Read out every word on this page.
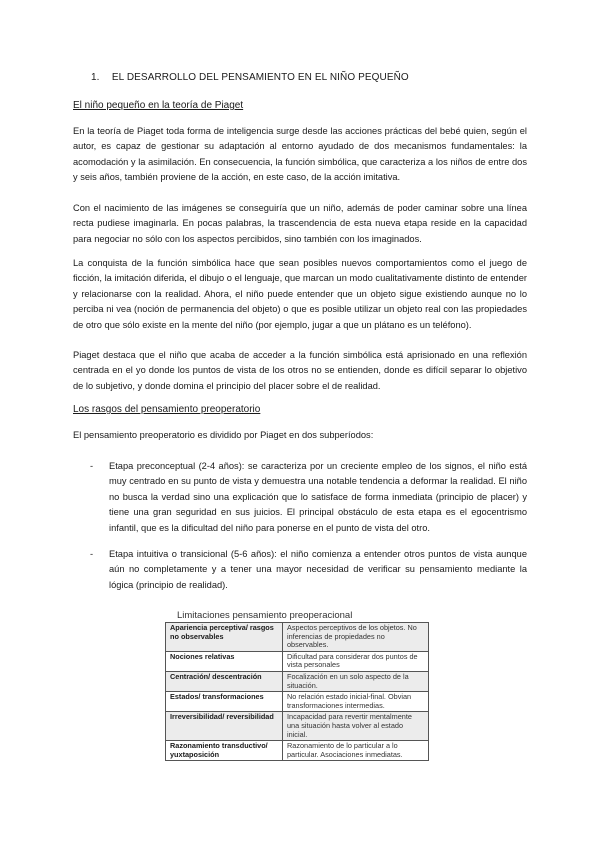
1. EL DESARROLLO DEL PENSAMIENTO EN EL NIÑO PEQUEÑO
El niño pequeño en la teoría de Piaget

En la teoría de Piaget toda forma de inteligencia surge desde las acciones prácticas del bebé quien, según el autor, es capaz de gestionar su adaptación al entorno ayudado de dos mecanismos fundamentales: la acomodación y la asimilación. En consecuencia, la función simbólica, que caracteriza a los niños de entre dos y seis años, también proviene de la acción, en este caso, de la acción imitativa.

Con el nacimiento de las imágenes se conseguiría que un niño, además de poder caminar sobre una línea recta pudiese imaginarla. En pocas palabras, la trascendencia de esta nueva etapa reside en la capacidad para negociar no sólo con los aspectos percibidos, sino también con los imaginados.

La conquista de la función simbólica hace que sean posibles nuevos comportamientos como el juego de ficción, la imitación diferida, el dibujo o el lenguaje, que marcan un modo cualitativamente distinto de entender y relacionarse con la realidad. Ahora, el niño puede entender que un objeto sigue existiendo aunque no lo perciba ni vea (noción de permanencia del objeto) o que es posible utilizar un objeto real con las propiedades de otro que sólo existe en la mente del niño (por ejemplo, jugar a que un plátano es un teléfono).

Piaget destaca que el niño que acaba de acceder a la función simbólica está aprisionado en una reflexión centrada en el yo donde los puntos de vista de los otros no se entienden, donde es difícil separar lo objetivo de lo subjetivo, y donde domina el principio del placer sobre el de realidad.

Los rasgos del pensamiento preoperatorio

El pensamiento preoperatorio es dividido por Piaget en dos subperíodos:

- Etapa preconceptual (2-4 años): se caracteriza por un creciente empleo de los signos, el niño está muy centrado en su punto de vista y demuestra una notable tendencia a deformar la realidad. El niño no busca la verdad sino una explicación que lo satisface de forma inmediata (principio de placer) y tiene una gran seguridad en sus juicios. El principal obstáculo de esta etapa es el egocentrismo infantil, que es la dificultad del niño para ponerse en el punto de vista del otro.

- Etapa intuitiva o transicional (5-6 años): el niño comienza a entender otros puntos de vista aunque aún no completamente y a tener una mayor necesidad de verificar su pensamiento mediante la lógica (principio de realidad).

Limitaciones pensamiento preoperacional
Apariencia perceptiva/ rasgos no observables	Aspectos perceptivos de los objetos. No inferencias de propiedades no observables.
Nociones relativas	Dificultad para considerar dos puntos de vista personales
Centración/ descentración	Focalización en un solo aspecto de la situación.
Estados/ transformaciones	No relación estado inicial-final. Obvian transformaciones intermedias.
Irreversibilidad/ reversibilidad	Incapacidad para revertir mentalmente una situación hasta volver al estado inicial.
Razonamiento transductivo/ yuxtaposición	Razonamiento de lo particular a lo particular. Asociaciones inmediatas.
